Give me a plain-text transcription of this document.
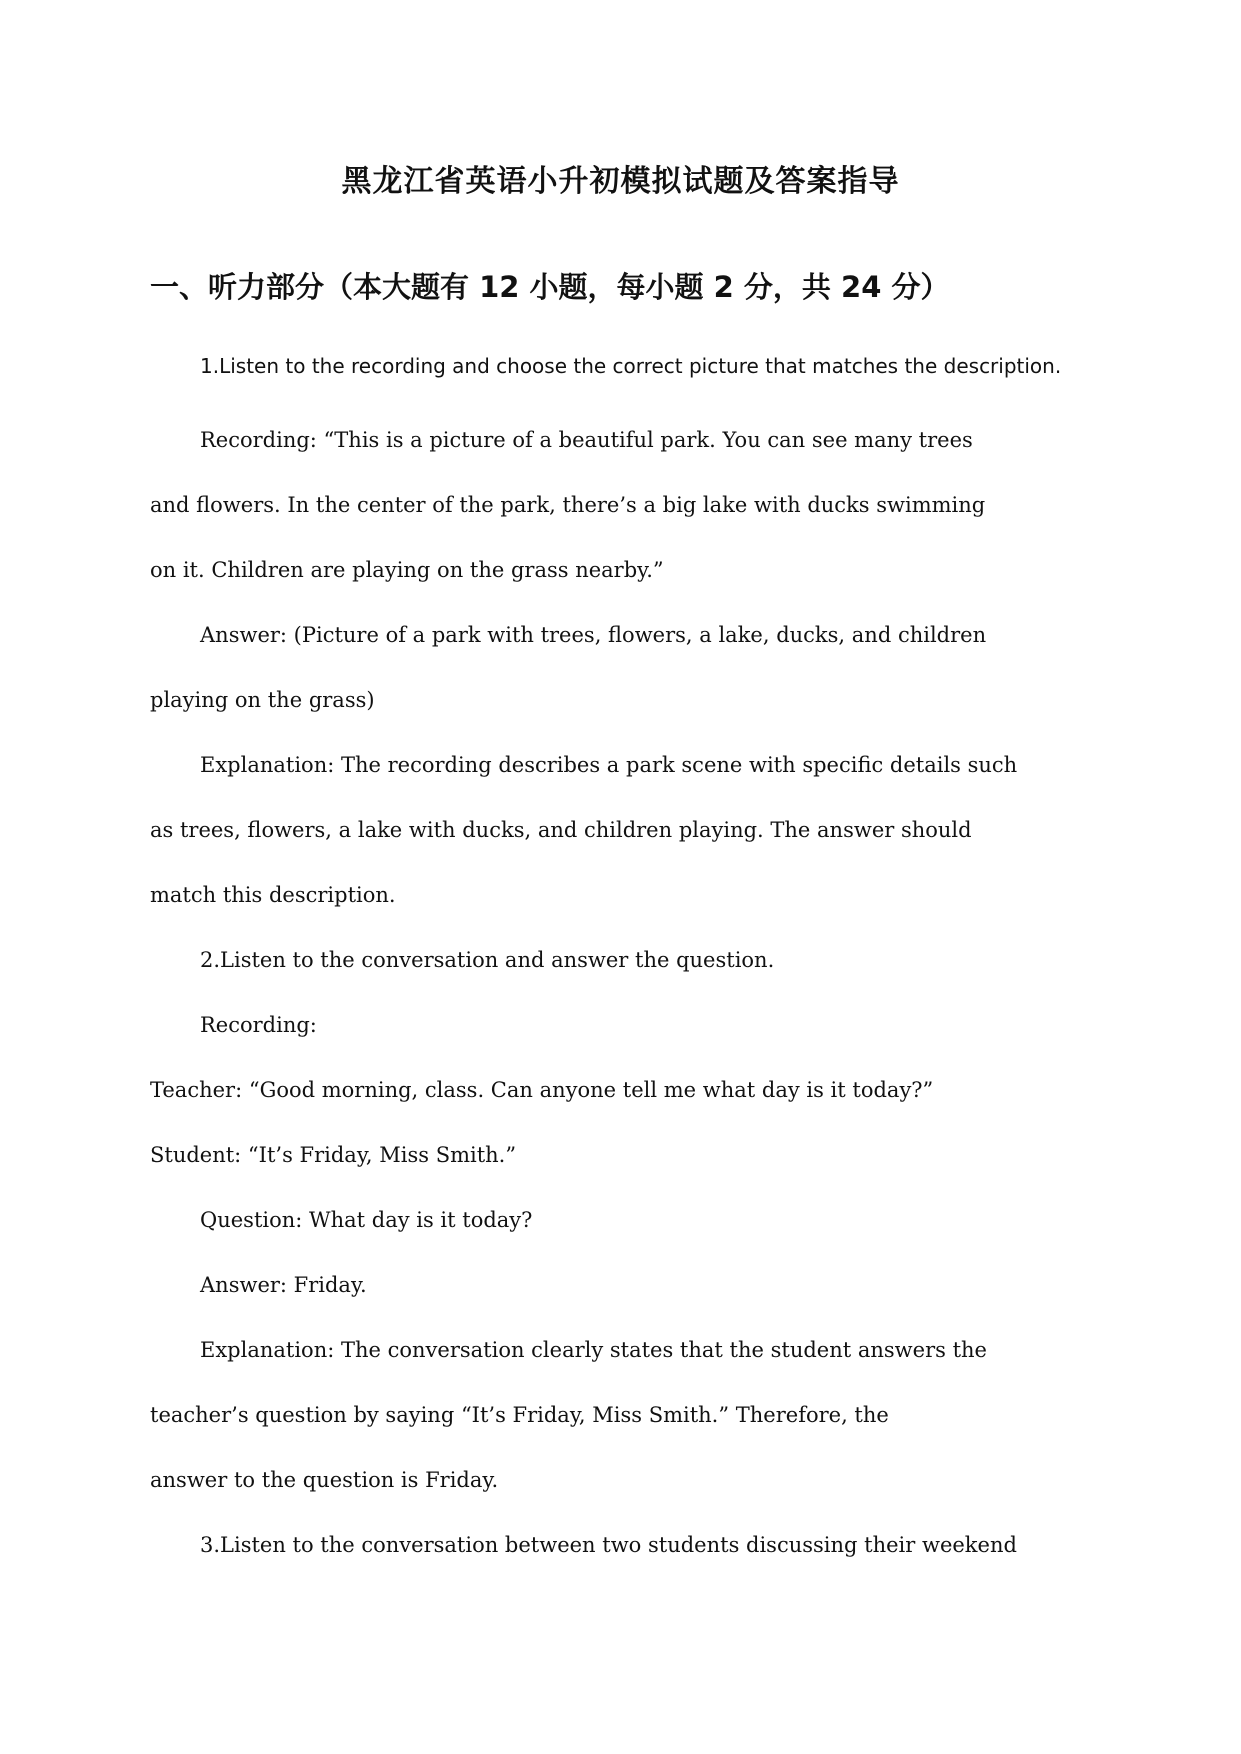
黑龙江省英语小升初模拟试题及答案指导
一、听力部分（本大题有 12 小题，每小题 2 分，共 24 分）
1.Listen to the recording and choose the correct picture that matches the description.
Recording: “This is a picture of a beautiful park. You can see many trees
and flowers. In the center of the park, there’s a big lake with ducks swimming
on it. Children are playing on the grass nearby.”
Answer: (Picture of a park with trees, flowers, a lake, ducks, and children
playing on the grass)
Explanation: The recording describes a park scene with specific details such
as trees, flowers, a lake with ducks, and children playing. The answer should
match this description.
2.Listen to the conversation and answer the question.
Recording:
Teacher: “Good morning, class. Can anyone tell me what day is it today?”
Student: “It’s Friday, Miss Smith.”
Question: What day is it today?
Answer: Friday.
Explanation: The conversation clearly states that the student answers the
teacher’s question by saying “It’s Friday, Miss Smith.” Therefore, the
answer to the question is Friday.
3.Listen to the conversation between two students discussing their weekend
